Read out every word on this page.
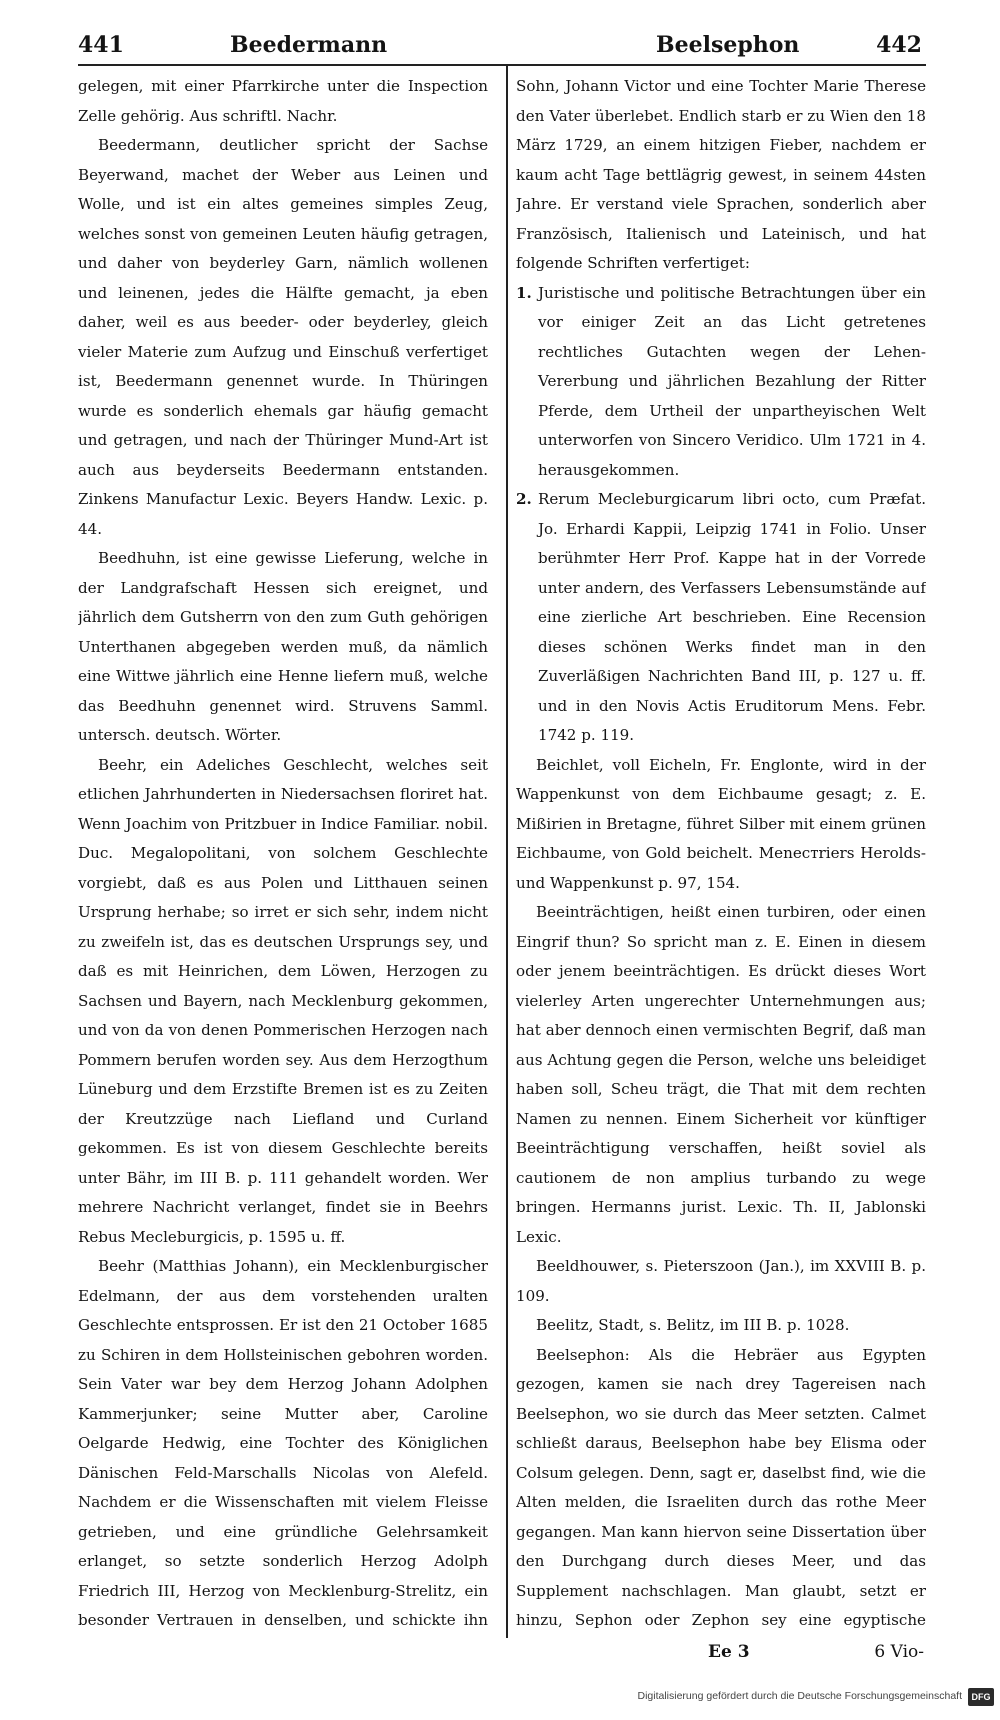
441	Beedermann	Beelsephon	442

gelegen, mit einer Pfarrkirche unter die Inspection Zelle gehörig. Aus schriftl. Nachr.

Beedermann, deutlicher spricht der Sachse Beyerwand, machet der Weber aus Leinen und Wolle, und ist ein altes gemeines simples Zeug, welches sonst von gemeinen Leuten häufig getragen, und daher von beyderley Garn, nämlich wollenen und leinenen, jedes die Hälfte gemacht, ja eben daher, weil es aus beeder- oder beyderley, gleich vieler Materie zum Aufzug und Einschuß verfertiget ist, Beedermann genennet wurde. In Thüringen wurde es sonderlich ehemals gar häufig gemacht und getragen, und nach der Thüringer Mund-Art ist auch aus beyderseits Beedermann entstanden. Zinkens Manufactur Lexic. Beyers Handw. Lexic. p. 44.

Beedhuhn, ist eine gewisse Lieferung, welche in der Landgrafschaft Hessen sich ereignet, und jährlich dem Gutsherrn von den zum Guth gehörigen Unterthanen abgegeben werden muß, da nämlich eine Wittwe jährlich eine Henne liefern muß, welche das Beedhuhn genennet wird. Struvens Samml. untersch. deutsch. Wörter.

Beehr, ein Adeliches Geschlecht, welches seit etlichen Jahrhunderten in Niedersachsen floriret hat. Wenn Joachim von Pritzbuer in Indice Familiar. nobil. Duc. Megalopolitani, von solchem Geschlechte vorgiebt, daß es aus Polen und Litthauen seinen Ursprung herhabe; so irret er sich sehr, indem nicht zu zweifeln ist, das es deutschen Ursprungs sey, und daß es mit Heinrichen, dem Löwen, Herzogen zu Sachsen und Bayern, nach Mecklenburg gekommen, und von da von denen Pommerischen Herzogen nach Pommern berufen worden sey. Aus dem Herzogthum Lüneburg und dem Erzstifte Bremen ist es zu Zeiten der Kreutzzüge nach Liefland und Curland gekommen. Es ist von diesem Geschlechte bereits unter Bähr, im III B. p. 111 gehandelt worden. Wer mehrere Nachricht verlanget, findet sie in Beehrs Rebus Mecleburgicis, p. 1595 u. ff.

Beehr (Matthias Johann), ein Mecklenburgischer Edelmann, der aus dem vorstehenden uralten Geschlechte entsprossen. Er ist den 21 October 1685 zu Schiren in dem Hollsteinischen gebohren worden. Sein Vater war bey dem Herzog Johann Adolphen Kammerjunker; seine Mutter aber, Caroline Oelgarde Hedwig, eine Tochter des Königlichen Dänischen Feld-Marschalls Nicolas von Alefeld. Nachdem er die Wissenschaften mit vielem Fleisse getrieben, und eine gründliche Gelehrsamkeit erlanget, so setzte sonderlich Herzog Adolph Friedrich III, Herzog von Mecklenburg-Strelitz, ein besonder Vertrauen in denselben, und schickte ihn

Sohn, Johann Victor und eine Tochter Marie Therese den Vater überlebet. Endlich starb er zu Wien den 18 März 1729, an einem hitzigen Fieber, nachdem er kaum acht Tage bettlägrig gewest, in seinem 44sten Jahre. Er verstand viele Sprachen, sonderlich aber Französisch, Italienisch und Lateinisch, und hat folgende Schriften verfertiget:

1. Juristische und politische Betrachtungen über ein vor einiger Zeit an das Licht getretenes rechtliches Gutachten wegen der Lehen-Vererbung und jährlichen Bezahlung der Ritter Pferde, dem Urtheil der unpartheyischen Welt unterworfen von Sincero Veridico. Ulm 1721 in 4. herausgekommen.
2. Rerum Mecleburgicarum libri octo, cum Præfat. Jo. Erhardi Kappii, Leipzig 1741 in Folio. Unser berühmter Herr Prof. Kappe hat in der Vorrede unter andern, des Verfassers Lebensumstände auf eine zierliche Art beschrieben. Eine Recension dieses schönen Werks findet man in den Zuverläßigen Nachrichten Band III, p. 127 u. ff. und in den Novis Actis Eruditorum Mens. Febr. 1742 p. 119.

Beichlet, voll Eicheln, Fr. Englonte, wird in der Wappenkunst von dem Eichbaume gesagt; z. E. Mißirien in Bretagne, führet Silber mit einem grünen Eichbaume, von Gold beichelt. Meneстriers Herolds- und Wappenkunst p. 97, 154.

Beeinträchtigen, heißt einen turbiren, oder einen Eingrif thun? So spricht man z. E. Einen in diesem oder jenem beeinträchtigen. Es drückt dieses Wort vielerley Arten ungerechter Unternehmungen aus; hat aber dennoch einen vermischten Begrif, daß man aus Achtung gegen die Person, welche uns beleidiget haben soll, Scheu trägt, die That mit dem rechten Namen zu nennen. Einem Sicherheit vor künftiger Beeinträchtigung verschaffen, heißt soviel als cautionem de non amplius turbando zu wege bringen. Hermanns jurist. Lexic. Th. II, Jablonski Lexic.

Beeldhouwer, s. Pieterszoon (Jan.), im XXVIII B. p. 109.

Beelitz, Stadt, s. Belitz, im III B. p. 1028.

Beelsephon: Als die Hebräer aus Egypten gezogen, kamen sie nach drey Tagereisen nach Beelsephon, wo sie durch das Meer setzten. Calmet schließt daraus, Beelsephon habe bey Elisma oder Colsum gelegen. Denn, sagt er, daselbst find, wie die Alten melden, die Israeliten durch das rothe Meer gegangen. Man kann hiervon seine Dissertation über den Durchgang durch dieses Meer, und das Supplement nachschlagen. Man glaubt, setzt er hinzu, Sephon oder Zephon sey eine egyptische

Ee 3	6 Vio-
Digitalisierung gefördert durch die Deutsche Forschungsgemeinschaft	DFG
